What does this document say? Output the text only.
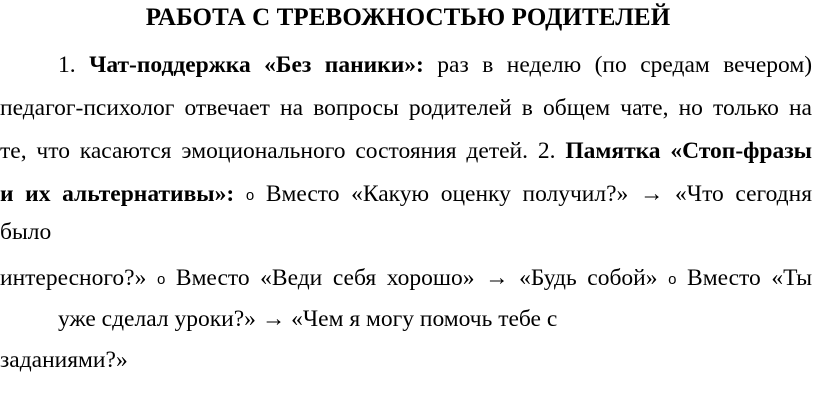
РАБОТА С ТРЕВОЖНОСТЬЮ РОДИТЕЛЕЙ
1. Чат-поддержка «Без паники»: раз в неделю (по средам вечером)
педагог-психолог отвечает на вопросы родителей в общем чате, но только на
те, что касаются эмоционального состояния детей. 2. Памятка «Стоп-фразы
и их альтернативы»: o Вместо «Какую оценку получил?» → «Что сегодня
было
интересного?» o Вместо «Веди себя хорошо» → «Будь собой» o Вместо «Ты
уже сделал уроки?» → «Чем я могу помочь тебе с
заданиями?»
